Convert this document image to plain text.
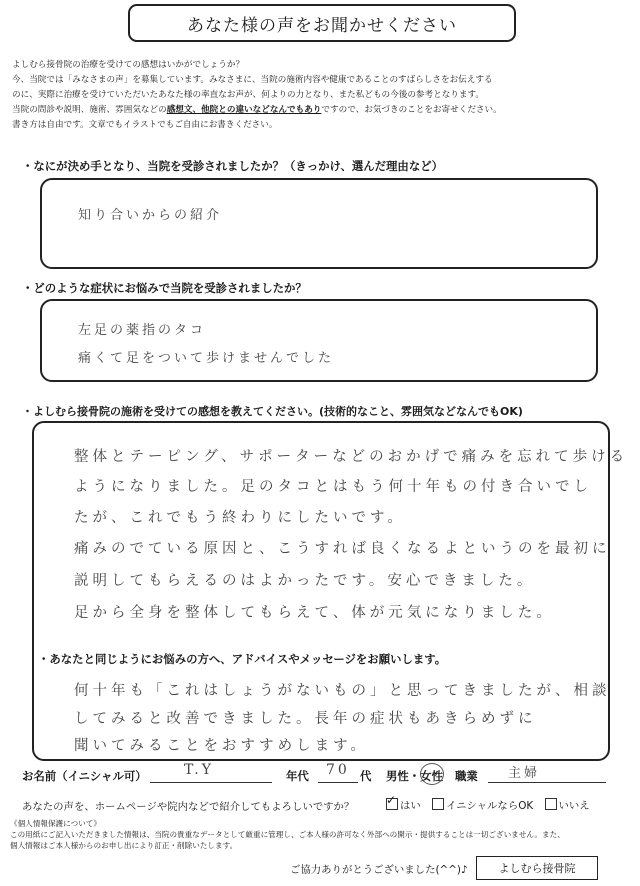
あなた様の声をお聞かせください
よしむら接骨院の治療を受けての感想はいかがでしょうか？
今、当院では「みなさまの声」を募集しています。みなさまに、当院の施術内容や健康であることのすばらしさをお伝えする
のに、実際に治療を受けていただいたあなた様の率直なお声が、何よりの力となり、また私どもの今後の参考となります。
当院の問診や説明、施術、雰囲気などの感想文、他院との違いなどなんでもありですので、お気づきのことをお寄せください。
書き方は自由です。文章でもイラストでもご自由にお書きください。
・なにが決め手となり、当院を受診されましたか？（きっかけ、選んだ理由など）
知り合いからの紹介
・どのような症状にお悩みで当院を受診されましたか？
左足の薬指のタコ
痛くて足をついて歩けませんでした
・よしむら接骨院の施術を受けての感想を教えてください。(技術的なこと、雰囲気などなんでもOK)
整体とテーピング、サポーターなどのおかげで痛みを忘れて歩ける
ようになりました。足のタコとはもう何十年もの付き合いでし
たが、これでもう終わりにしたいです。
痛みのでている原因と、こうすれば良くなるよというのを最初に
説明してもらえるのはよかったです。安心できました。
足から全身を整体してもらえて、体が元気になりました。
・あなたと同じようにお悩みの方へ、アドバイスやメッセージをお願いします。
何十年も「これはしょうがないもの」と思ってきましたが、相談
してみると改善できました。長年の症状もあきらめずに
聞いてみることをおすすめします。
お名前（イニシャル可）	T.Y	年代 70 代 男性・女性 職業 主婦
あなたの声を、ホームページや院内などで紹介してもよろしいですか？	✓ はい イニシャルならOK いいえ
《個人情報保護について》
この用紙にご記入いただきました情報は、当院の貴重なデータとして厳重に管理し、ご本人様の許可なく外部への開示・提供することは一切ございません。また、
個人情報はご本人様からのお申し出により訂正・削除いたします。
ご協力ありがとうございました(^^)♪	よしむら接骨院
